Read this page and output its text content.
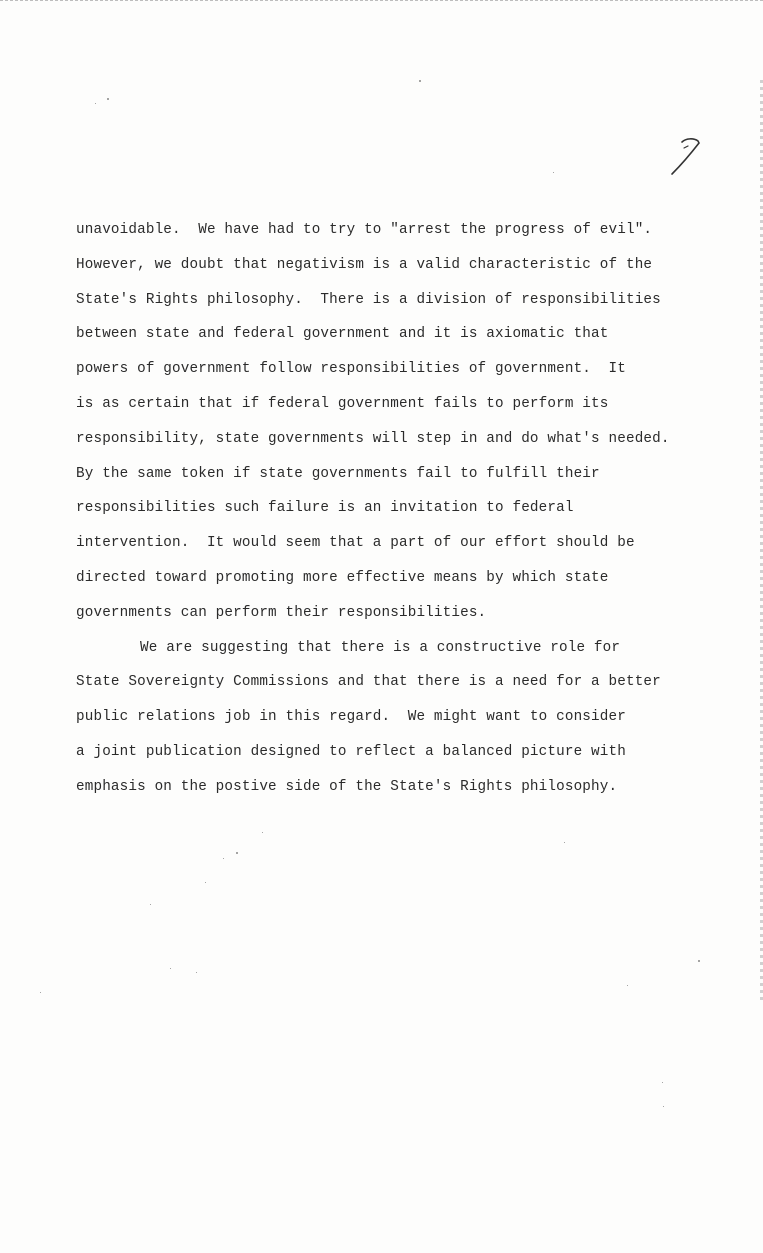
unavoidable.  We have had to try to "arrest the progress of evil".
However, we doubt that negativism is a valid characteristic of the
State's Rights philosophy.  There is a division of responsibilities
between state and federal government and it is axiomatic that
powers of government follow responsibilities of government.  It
is as certain that if federal government fails to perform its
responsibility, state governments will step in and do what's needed.
By the same token if state governments fail to fulfill their
responsibilities such failure is an invitation to federal
intervention.  It would seem that a part of our effort should be
directed toward promoting more effective means by which state
governments can perform their responsibilities.
We are suggesting that there is a constructive role for
State Sovereignty Commissions and that there is a need for a better
public relations job in this regard.  We might want to consider
a joint publication designed to reflect a balanced picture with
emphasis on the postive side of the State's Rights philosophy.
